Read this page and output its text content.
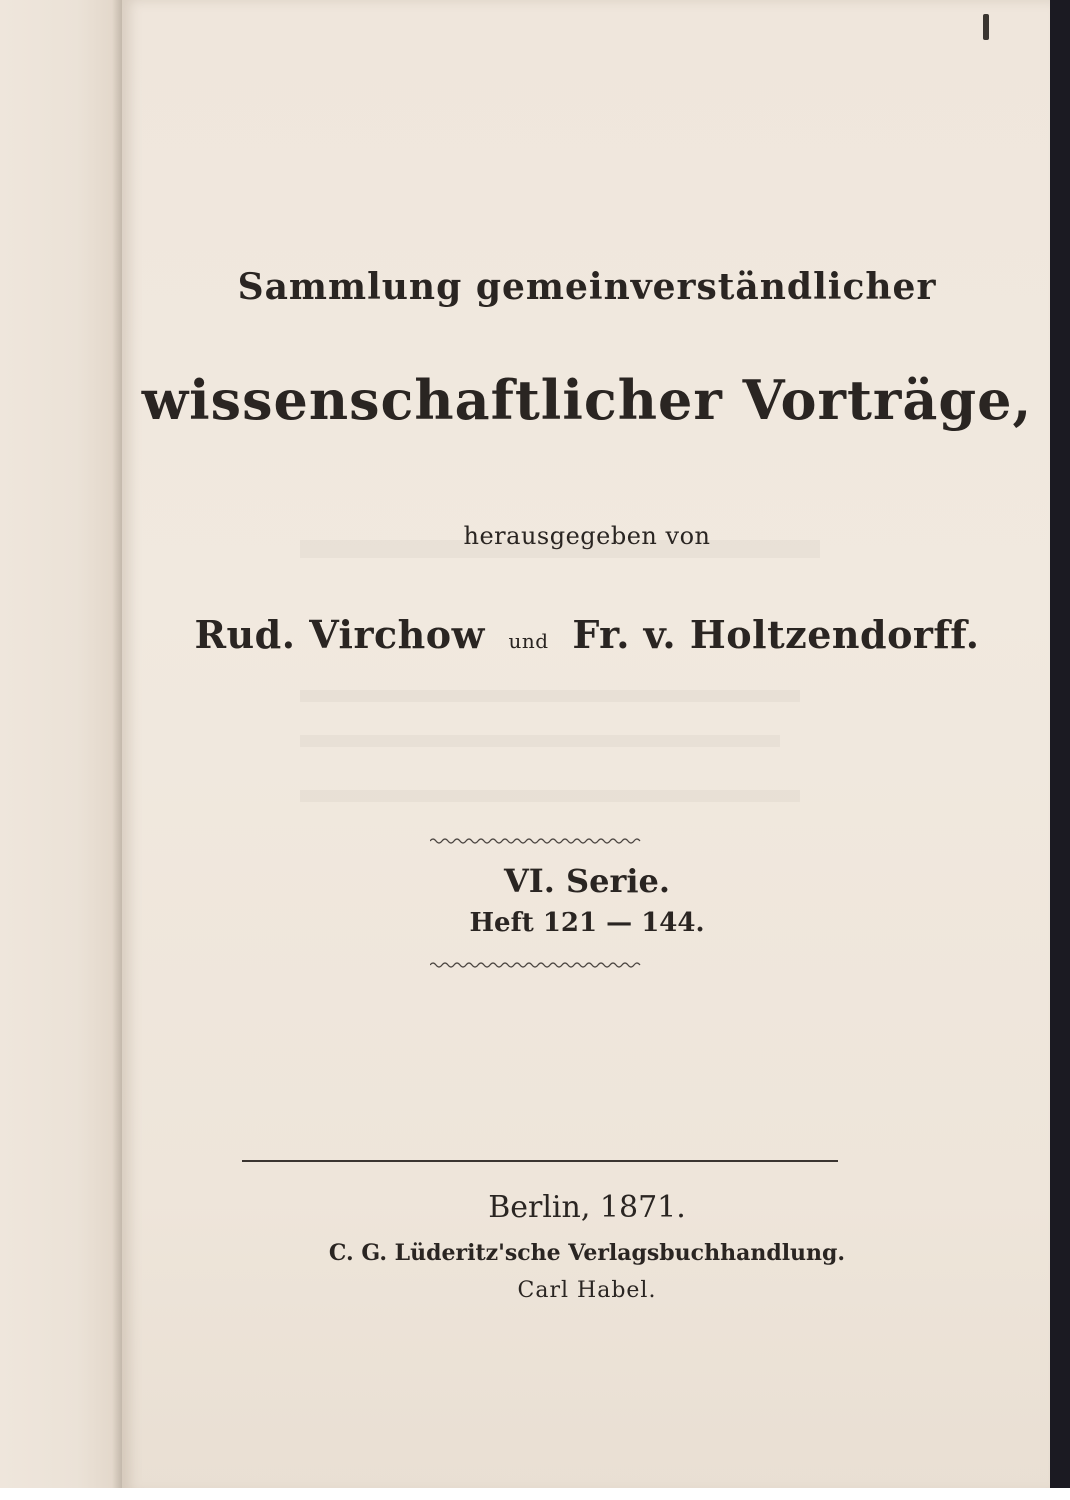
Sammlung gemeinverständlicher
wissenschaftlicher Vorträge,
herausgegeben von
Rud. Virchow und Fr. v. Holtzendorff.
VI. Serie.
Heft 121 — 144.
Berlin, 1871.
C. G. Lüderitz'sche Verlagsbuchhandlung.
Carl Habel.
